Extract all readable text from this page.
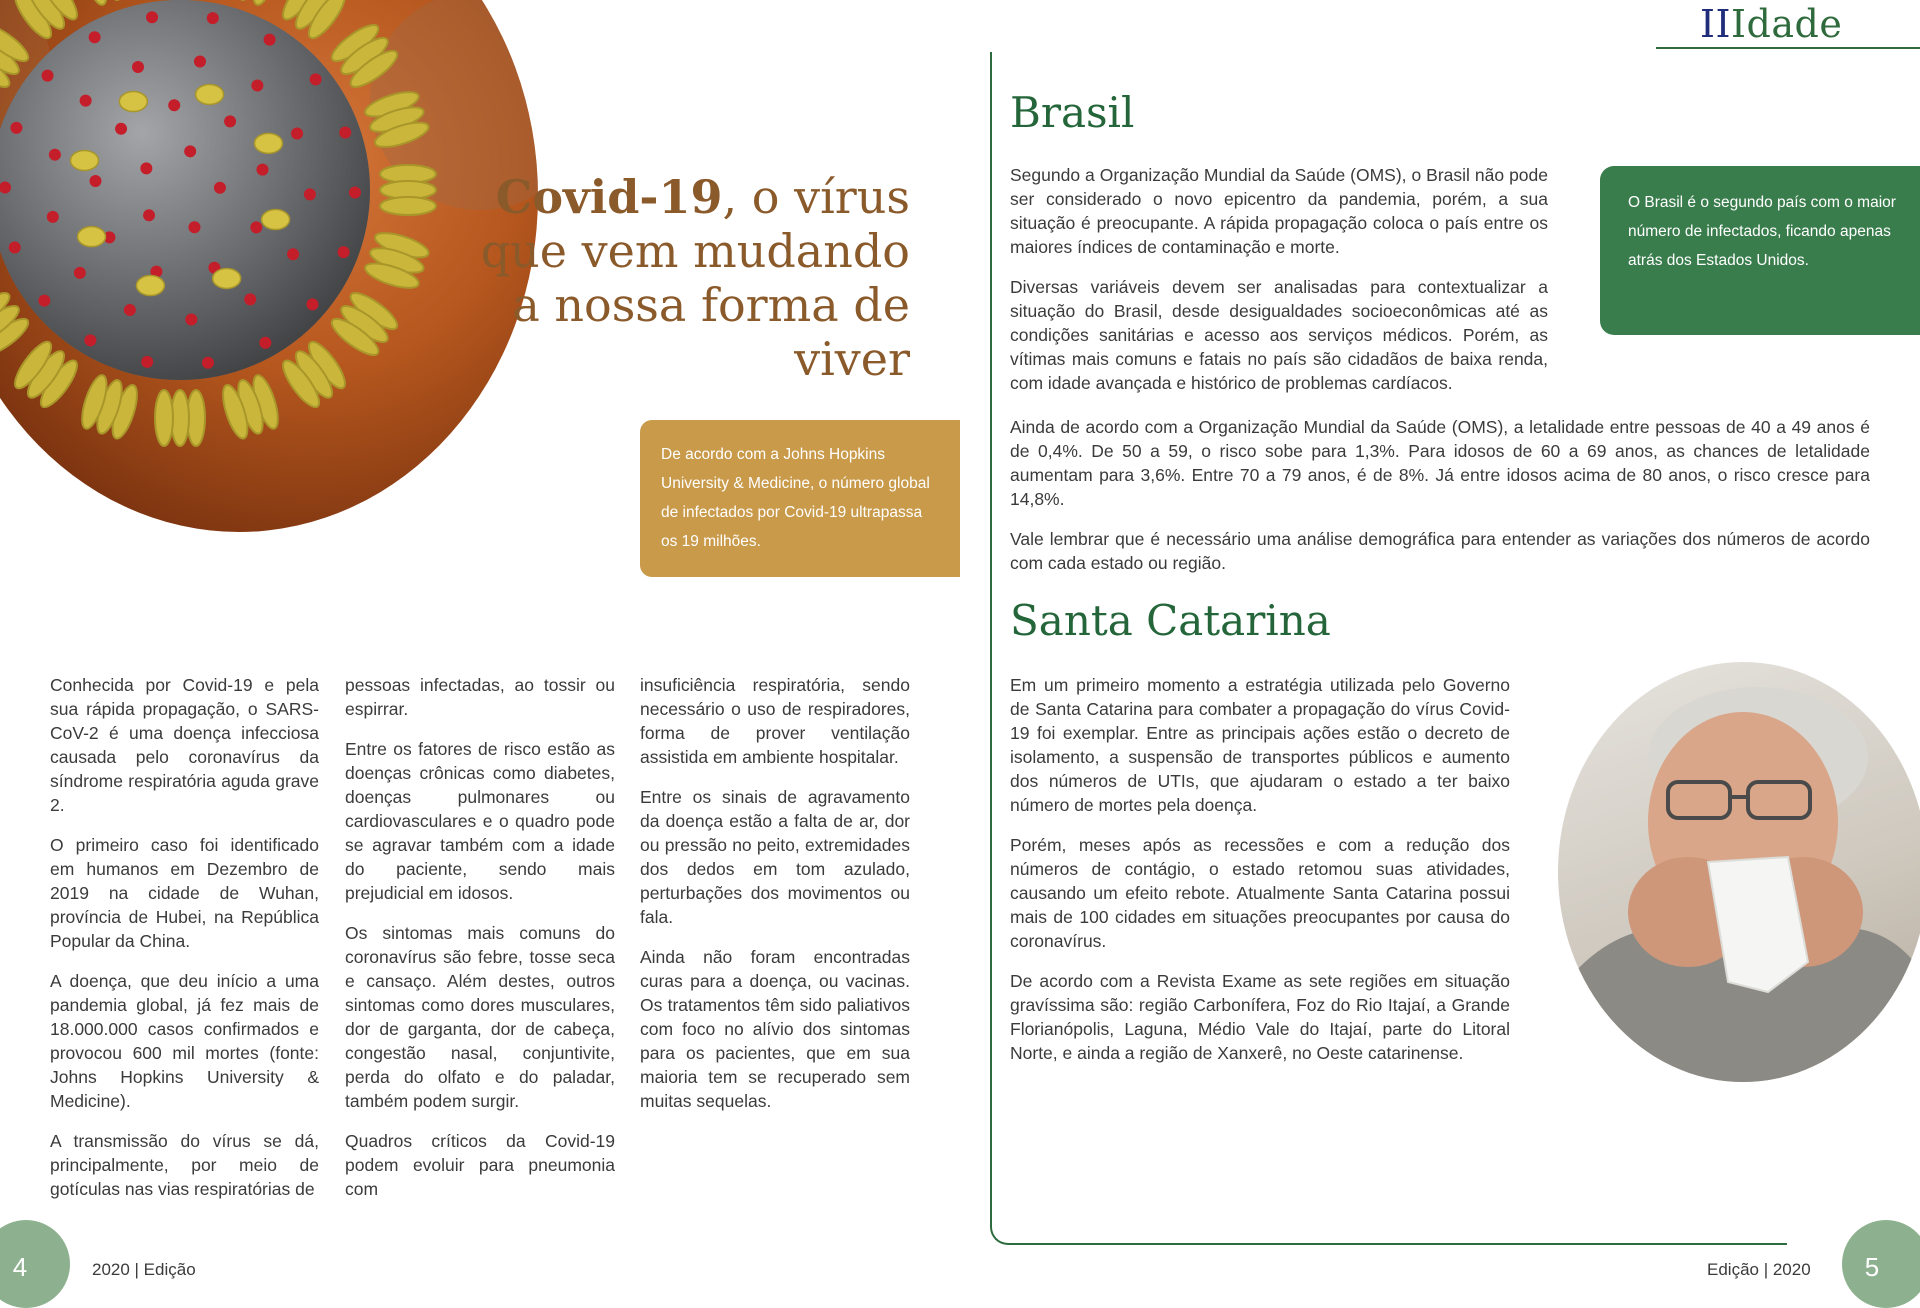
Covid-19, o vírus que vem mudando a nossa forma de viver
De acordo com a Johns Hopkins University & Medicine, o número global de infectados por Covid-19 ultrapassa os 19 milhões.

Conhecida por Covid-19 e pela sua rápida propagação, o SARS-CoV-2 é uma doença infecciosa causada pelo coronavírus da síndrome respiratória aguda grave 2.

O primeiro caso foi identificado em humanos em Dezembro de 2019 na cidade de Wuhan, província de Hubei, na República Popular da China.

A doença, que deu início a uma pandemia global, já fez mais de 18.000.000 casos confirmados e provocou 600 mil mortes (fonte: Johns Hopkins University & Medicine).

A transmissão do vírus se dá, principalmente, por meio de gotículas nas vias respiratórias de

pessoas infectadas, ao tossir ou espirrar.

Entre os fatores de risco estão as doenças crônicas como diabetes, doenças pulmonares ou cardiovasculares e o quadro pode se agravar também com a idade do paciente, sendo mais prejudicial em idosos.

Os sintomas mais comuns do coronavírus são febre, tosse seca e cansaço. Além destes, outros sintomas como dores musculares, dor de garganta, dor de cabeça, congestão nasal, conjuntivite, perda do olfato e do paladar, também podem surgir.

Quadros críticos da Covid-19 podem evoluir para pneumonia com

insuficiência respiratória, sendo necessário o uso de respiradores, forma de prover ventilação assistida em ambiente hospitalar.

Entre os sinais de agravamento da doença estão a falta de ar, dor ou pressão no peito, extremidades dos dedos em tom azulado, perturbações dos movimentos ou fala.

Ainda não foram encontradas curas para a doença, ou vacinas. Os tratamentos têm sido paliativos com foco no alívio dos sintomas para os pacientes, que em sua maioria tem se recuperado sem muitas sequelas.

4	2020 | Edição
IIIdade
Brasil

Segundo a Organização Mundial da Saúde (OMS), o Brasil não pode ser considerado o novo epicentro da pandemia, porém, a sua situação é preocupante. A rápida propagação coloca o país entre os maiores índices de contaminação e morte.

Diversas variáveis devem ser analisadas para contextualizar a situação do Brasil, desde desigualdades socioeconômicas até as condições sanitárias e acesso aos serviços médicos. Porém, as vítimas mais comuns e fatais no país são cidadãos de baixa renda, com idade avançada e histórico de problemas cardíacos.

O Brasil é o segundo país com o maior número de infectados, ficando apenas atrás dos Estados Unidos.

Ainda de acordo com a Organização Mundial da Saúde (OMS), a letalidade entre pessoas de 40 a 49 anos é de 0,4%. De 50 a 59, o risco sobe para 1,3%. Para idosos de 60 a 69 anos, as chances de letalidade aumentam para 3,6%. Entre 70 a 79 anos, é de 8%. Já entre idosos acima de 80 anos, o risco cresce para 14,8%.

Vale lembrar que é necessário uma análise demográfica para entender as variações dos números de acordo com cada estado ou região.

Santa Catarina

Em um primeiro momento a estratégia utilizada pelo Governo de Santa Catarina para combater a propagação do vírus Covid-19 foi exemplar. Entre as principais ações estão o decreto de isolamento, a suspensão de transportes públicos e aumento dos números de UTIs, que ajudaram o estado a ter baixo número de mortes pela doença.

Porém, meses após as recessões e com a redução dos números de contágio, o estado retomou suas atividades, causando um efeito rebote. Atualmente Santa Catarina possui mais de 100 cidades em situações preocupantes por causa do coronavírus.

De acordo com a Revista Exame as sete regiões em situação gravíssima são: região Carbonífera, Foz do Rio Itajaí, a Grande Florianópolis, Laguna, Médio Vale do Itajaí, parte do Litoral Norte, e ainda a região de Xanxerê, no Oeste catarinense.

Edição | 2020	5
